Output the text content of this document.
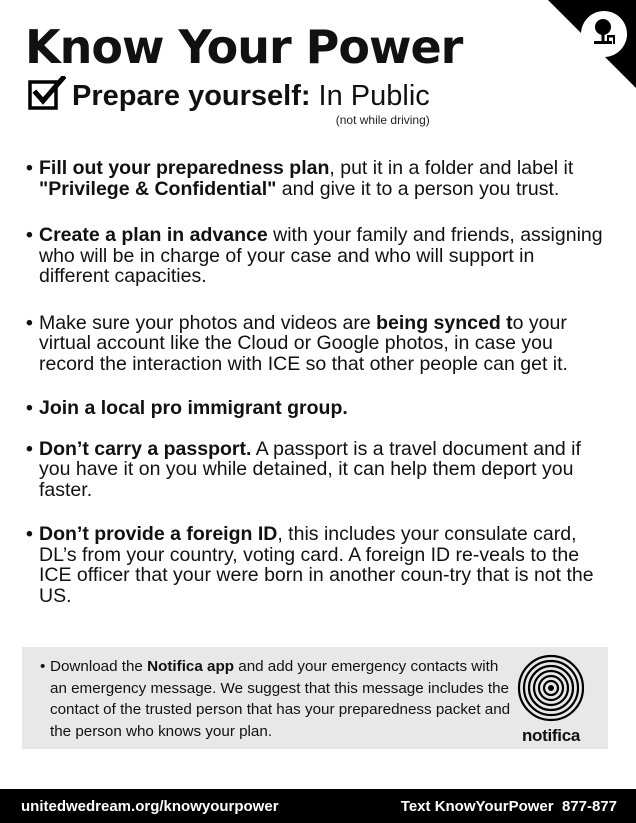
Know Your Power
Prepare yourself: In Public
(not while driving)
• Fill out your preparedness plan, put it in a folder and label it "Privilege & Confidential" and give it to a person you trust.
• Create a plan in advance with your family and friends, assigning who will be in charge of your case and who will support in different capacities.
• Make sure your photos and videos are being synced to your virtual account like the Cloud or Google photos, in case you record the interaction with ICE so that other people can get it.
• Join a local pro immigrant group.
• Don’t carry a passport. A passport is a travel document and if you have it on you while detained, it can help them deport you faster.
• Don’t provide a foreign ID, this includes your consulate card, DL’s from your country, voting card. A foreign ID re-veals to the ICE officer that your were born in another coun-try that is not the US.
• Download the Notifica app and add your emergency contacts with an emergency message. We suggest that this message includes the contact of the trusted person that has your preparedness packet and the person who knows your plan.	notifica
unitedwedream.org/knowyourpower	Text KnowYourPower 877-877
